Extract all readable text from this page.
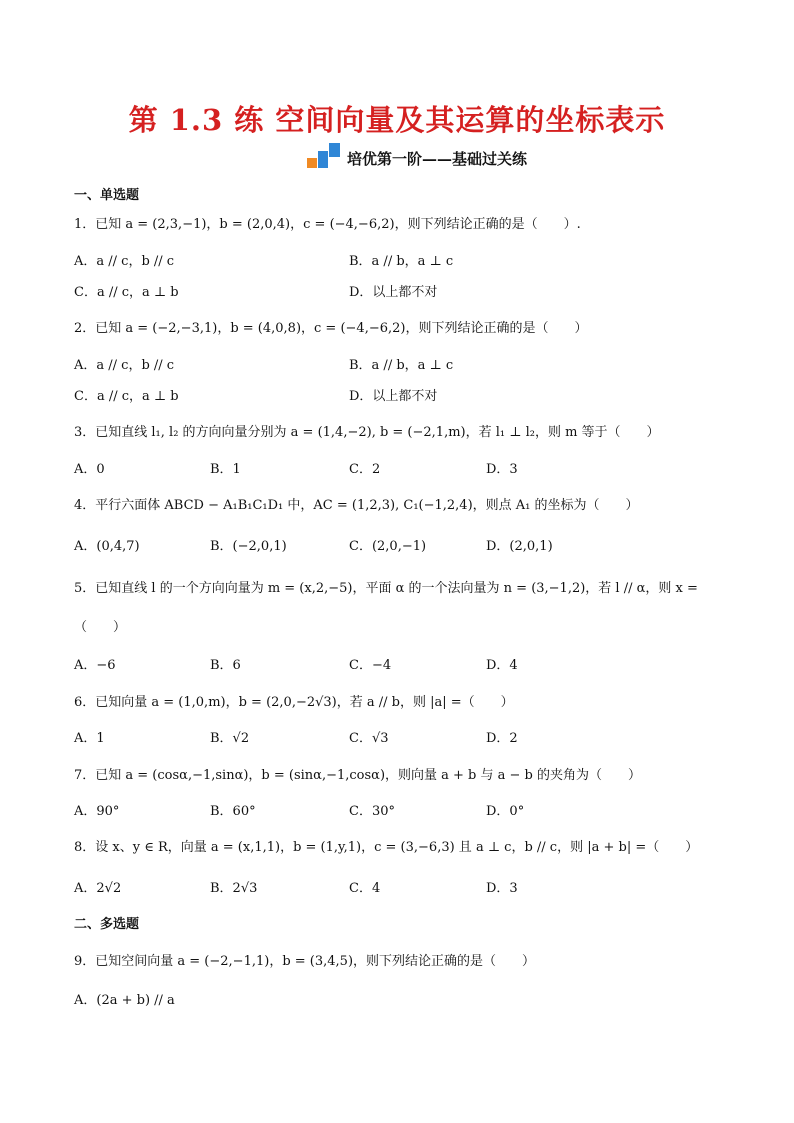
第 1.3 练 空间向量及其运算的坐标表示
培优第一阶——基础过关练
一、单选题
1．已知 a = (2,3,−1)，b = (2,0,4)，c = (−4,−6,2)，则下列结论正确的是（　　）.
A．a // c，b // c	B．a // b，a ⊥ c
C．a // c，a ⊥ b	D．以上都不对
2．已知 a = (−2,−3,1)，b = (4,0,8)，c = (−4,−6,2)，则下列结论正确的是（　　）
A．a // c，b // c	B．a // b，a ⊥ c
C．a // c，a ⊥ b	D．以上都不对
3．已知直线 l₁, l₂ 的方向向量分别为 a = (1,4,−2), b = (−2,1,m)，若 l₁ ⊥ l₂，则 m 等于（　　）
A．0	B．1	C．2	D．3
4．平行六面体 ABCD − A₁B₁C₁D₁ 中，AC = (1,2,3), C₁(−1,2,4)，则点 A₁ 的坐标为（　　）
A．(0,4,7)	B．(−2,0,1)	C．(2,0,−1)	D．(2,0,1)
5．已知直线 l 的一个方向向量为 m = (x,2,−5)，平面 α 的一个法向量为 n = (3,−1,2)，若 l // α，则 x =
（　　）
A．−6	B．6	C．−4	D．4
6．已知向量 a = (1,0,m)，b = (2,0,−2√3)，若 a // b，则 |a| =（　　）
A．1	B．√2	C．√3	D．2
7．已知 a = (cosα,−1,sinα)，b = (sinα,−1,cosα)，则向量 a + b 与 a − b 的夹角为（　　）
A．90°	B．60°	C．30°	D．0°
8．设 x、y ∈ R，向量 a = (x,1,1)，b = (1,y,1)，c = (3,−6,3) 且 a ⊥ c，b // c，则 |a + b| =（　　）
A．2√2	B．2√3	C．4	D．3
二、多选题
9．已知空间向量 a = (−2,−1,1)，b = (3,4,5)，则下列结论正确的是（　　）
A．(2a + b) // a
